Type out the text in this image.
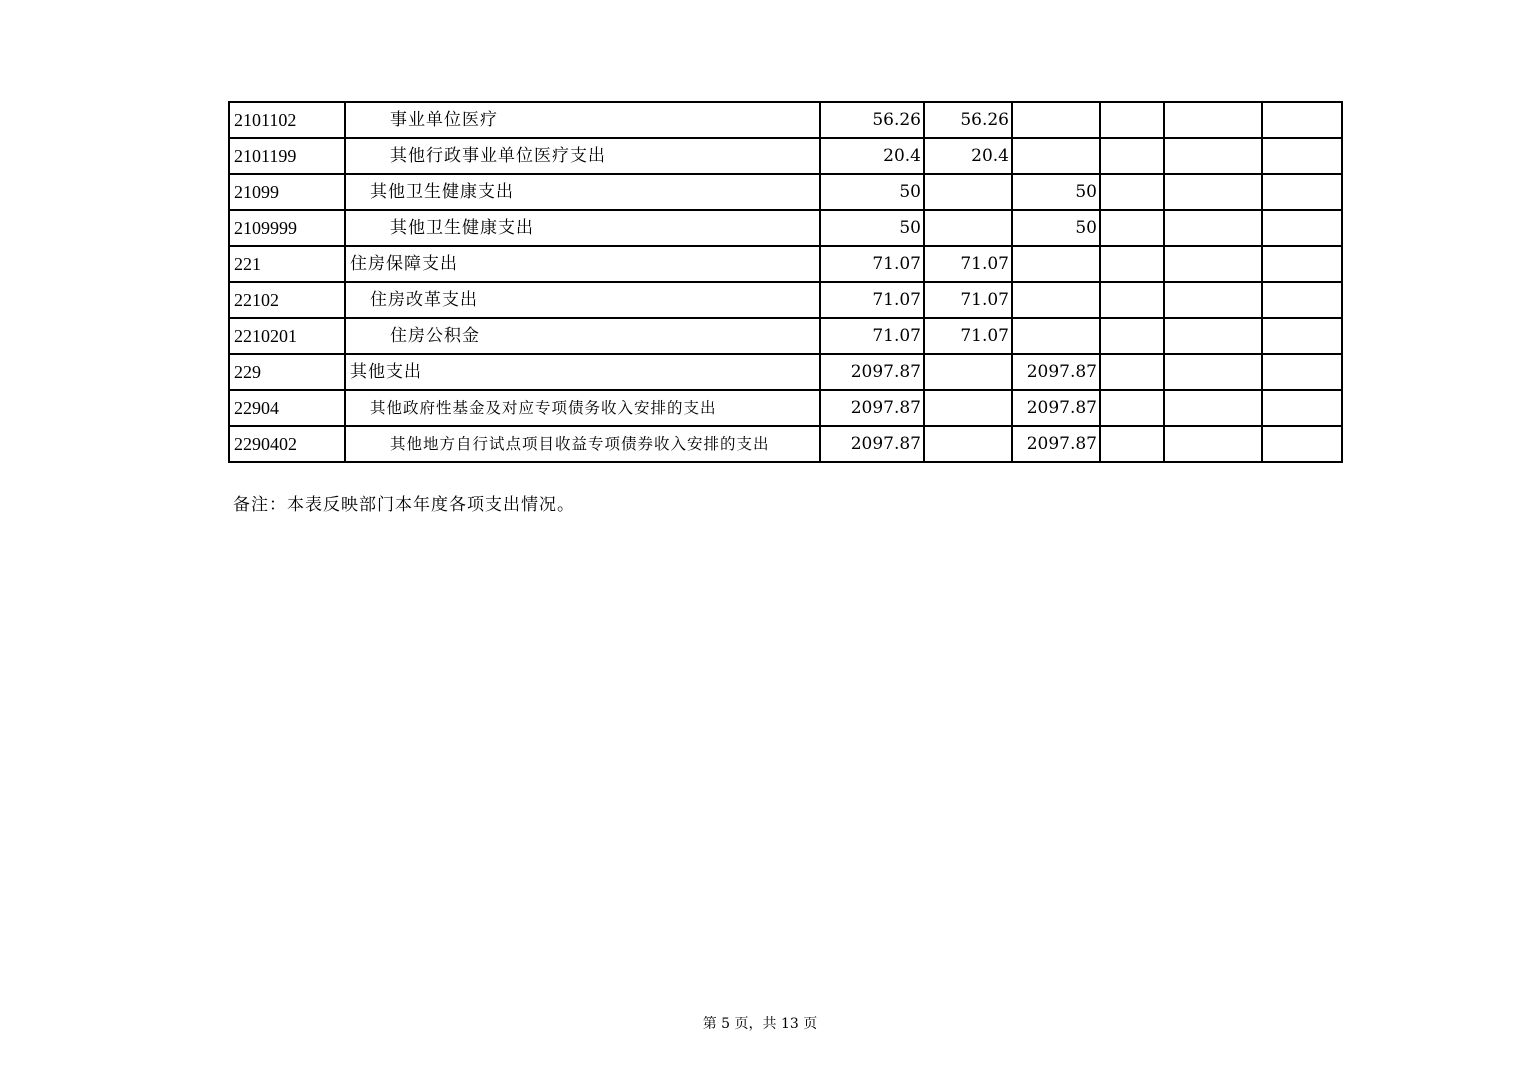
2101102	事业单位医疗	56.26	56.26				
2101199	其他行政事业单位医疗支出	20.4	20.4				
21099	其他卫生健康支出	50		50			
2109999	其他卫生健康支出	50		50			
221	住房保障支出	71.07	71.07				
22102	住房改革支出	71.07	71.07				
2210201	住房公积金	71.07	71.07				
229	其他支出	2097.87		2097.87			
22904	其他政府性基金及对应专项债务收入安排的支出	2097.87		2097.87			
2290402	其他地方自行试点项目收益专项债券收入安排的支出	2097.87		2097.87			
备注：本表反映部门本年度各项支出情况。
第 5 页，共 13 页
